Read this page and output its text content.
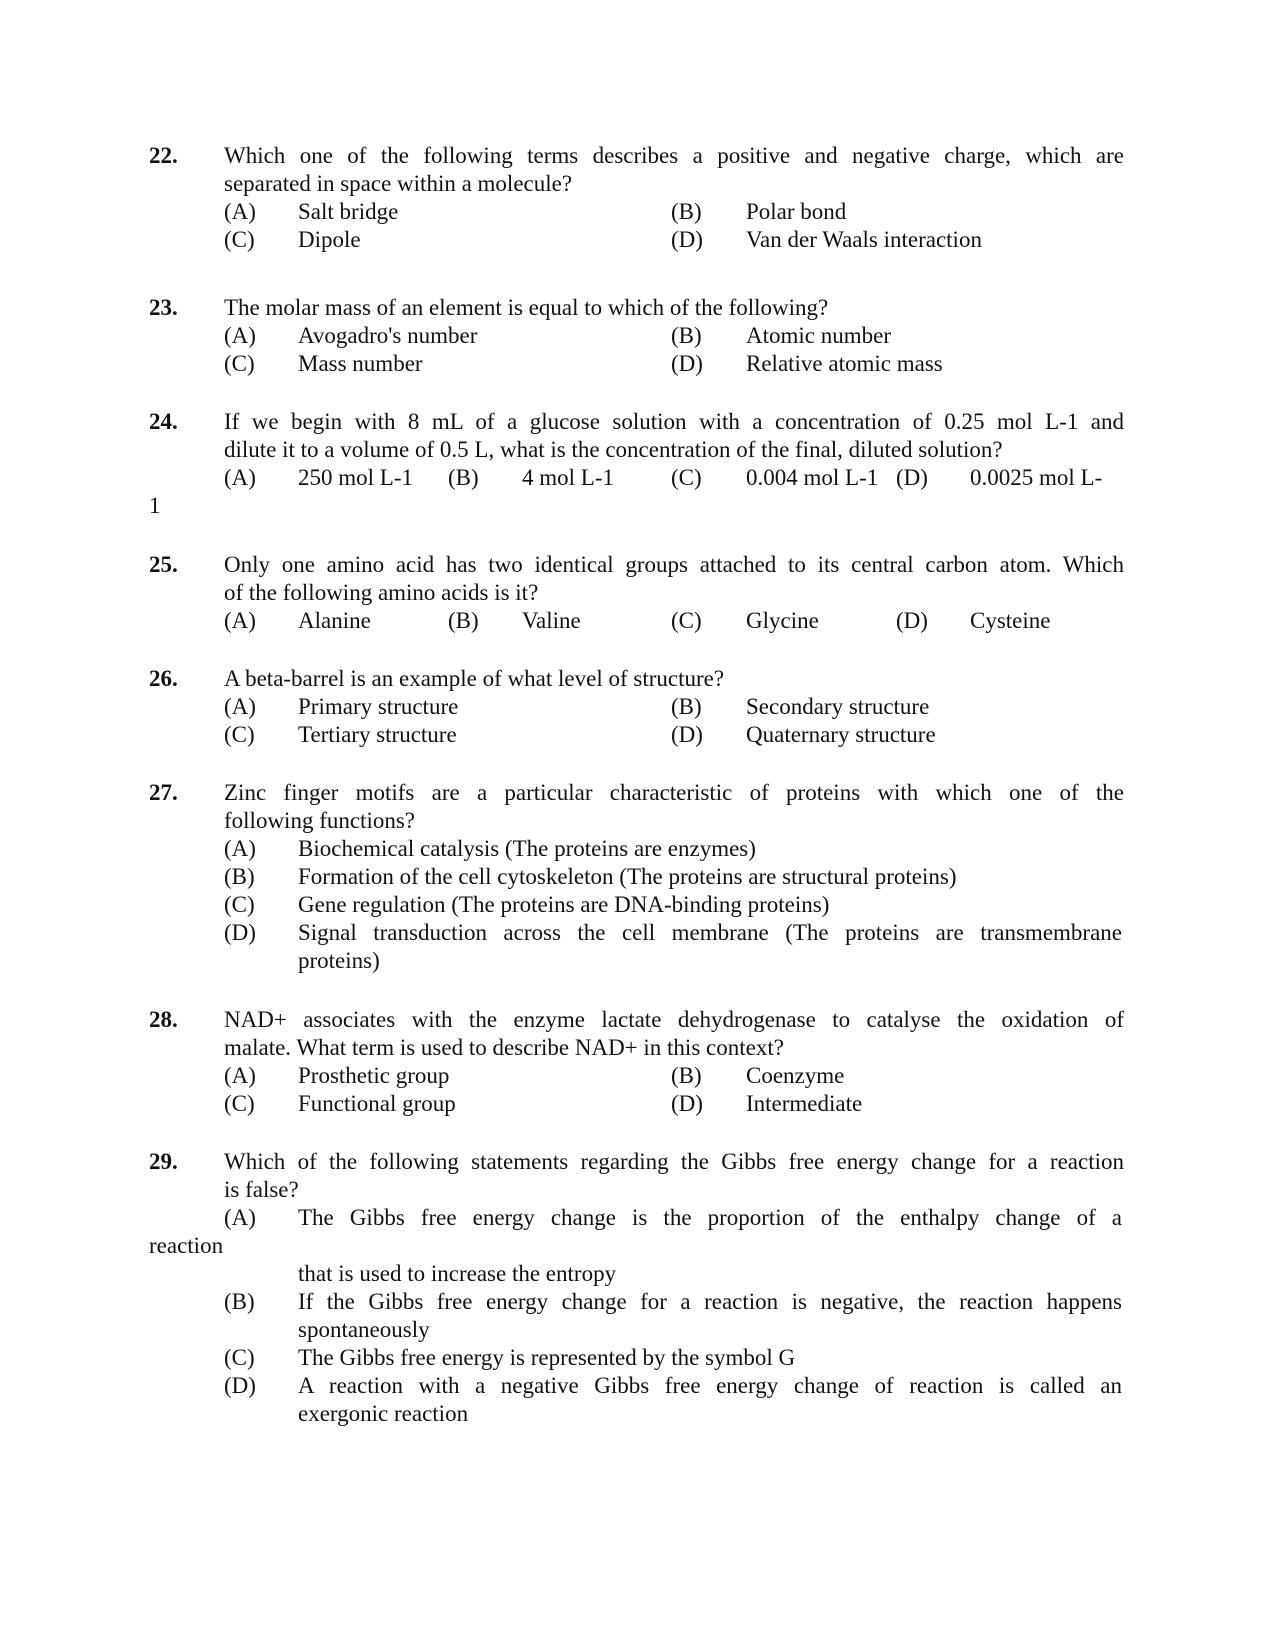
22. Which one of the following terms describes a positive and negative charge, which are
separated in space within a molecule?
(A) Salt bridge	(B) Polar bond
(C) Dipole	(D) Van der Waals interaction
23. The molar mass of an element is equal to which of the following?
(A) Avogadro's number	(B) Atomic number
(C) Mass number	(D) Relative atomic mass
24. If we begin with 8 mL of a glucose solution with a concentration of 0.25 mol L-1 and
dilute it to a volume of 0.5 L, what is the concentration of the final, diluted solution?
(A) 250 mol L-1 (B) 4 mol L-1 (C) 0.004 mol L-1 (D) 0.0025 mol L-
1
25. Only one amino acid has two identical groups attached to its central carbon atom. Which
of the following amino acids is it?
(A) Alanine	(B) Valine	(C) Glycine	(D) Cysteine
26. A beta-barrel is an example of what level of structure?
(A) Primary structure	(B) Secondary structure
(C) Tertiary structure	(D) Quaternary structure
27. Zinc finger motifs are a particular characteristic of proteins with which one of the
following functions?
(A) Biochemical catalysis (The proteins are enzymes)
(B) Formation of the cell cytoskeleton (The proteins are structural proteins)
(C) Gene regulation (The proteins are DNA-binding proteins)
(D) Signal transduction across the cell membrane (The proteins are transmembrane
proteins)
28. NAD+ associates with the enzyme lactate dehydrogenase to catalyse the oxidation of
malate. What term is used to describe NAD+ in this context?
(A) Prosthetic group	(B) Coenzyme
(C) Functional group	(D) Intermediate
29. Which of the following statements regarding the Gibbs free energy change for a reaction
is false?
(A) The Gibbs free energy change is the proportion of the enthalpy change of a
reaction
that is used to increase the entropy
(B) If the Gibbs free energy change for a reaction is negative, the reaction happens
spontaneously
(C) The Gibbs free energy is represented by the symbol G
(D) A reaction with a negative Gibbs free energy change of reaction is called an
exergonic reaction
